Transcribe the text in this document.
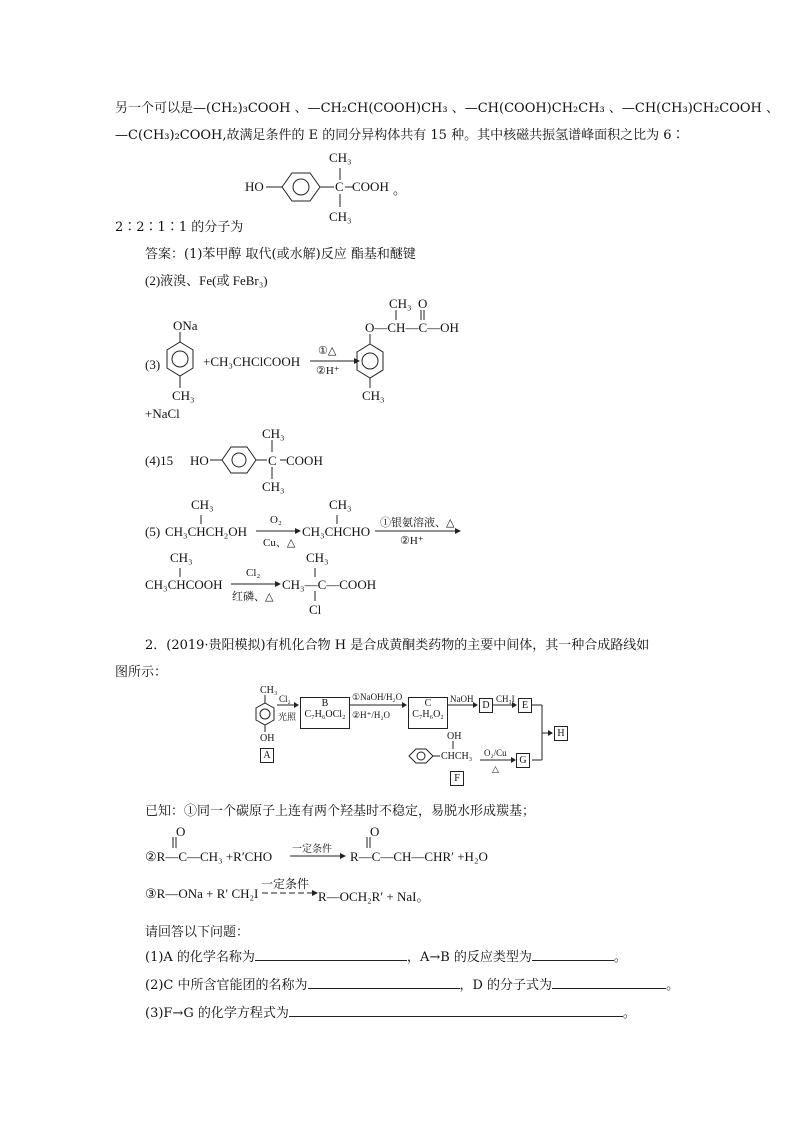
另一个可以是—(CH₂)₃COOH 、—CH₂CH(COOH)CH₃ 、—CH(COOH)CH₂CH₃ 、—CH(CH₃)CH₂COOH 、
—C(CH₃)₂COOH,故满足条件的 E 的同分异构体共有 15 种。其中核磁共振氢谱峰面积之比为 6∶
CH₃
HO	C COOH 。
CH₃
2∶2∶1∶1 的分子为
答案：(1)苯甲醇 取代(或水解)反应 酯基和醚键
(2)液溴、Fe(或 FeBr₃)
(3)
ONa
CH₃
+CH₃CHClCOOH
①△
②H⁺
CH₃ O
O—CH—C—OH
CH₃
+NaCl
(4)15 HO
CH₃
C COOH
CH₃
(5)
CH₃
CH₃CHCH₂OH
O₂
Cu、△
CH₃
CH₃CHCHO
①银氨溶液、△
②H⁺
CH₃
CH₃CHCOOH
Cl₂
红磷、△
CH₃
CH₃—C—COOH
Cl
2．(2019·贵阳模拟)有机化合物 H 是合成黄酮类药物的主要中间体，其一种合成路线如
图所示：
CH₃
OH
A
Cl₂
光照
B
C₇H₆OCl₂
①NaOH/H₂O
②H⁺/H₂O
C
C₇H₆O₂
NaOH
D
CH₃I
E
H
OH
CHCH₃
F
O₂/Cu
△
G
已知：①同一个碳原子上连有两个羟基时不稳定，易脱水形成羰基；
O
②R—C—CH₃ +R′CHO 一定条件
O
R—C—CH—CHR′ +H₂O
③R—ONa + R′ CH₂I
一定条件
R—OCH₂R′ + NaI。
请回答以下问题：
(1)A 的化学名称为	，A→B 的反应类型为	。
(2)C 中所含官能团的名称为	，D 的分子式为	。
(3)F→G 的化学方程式为	。
